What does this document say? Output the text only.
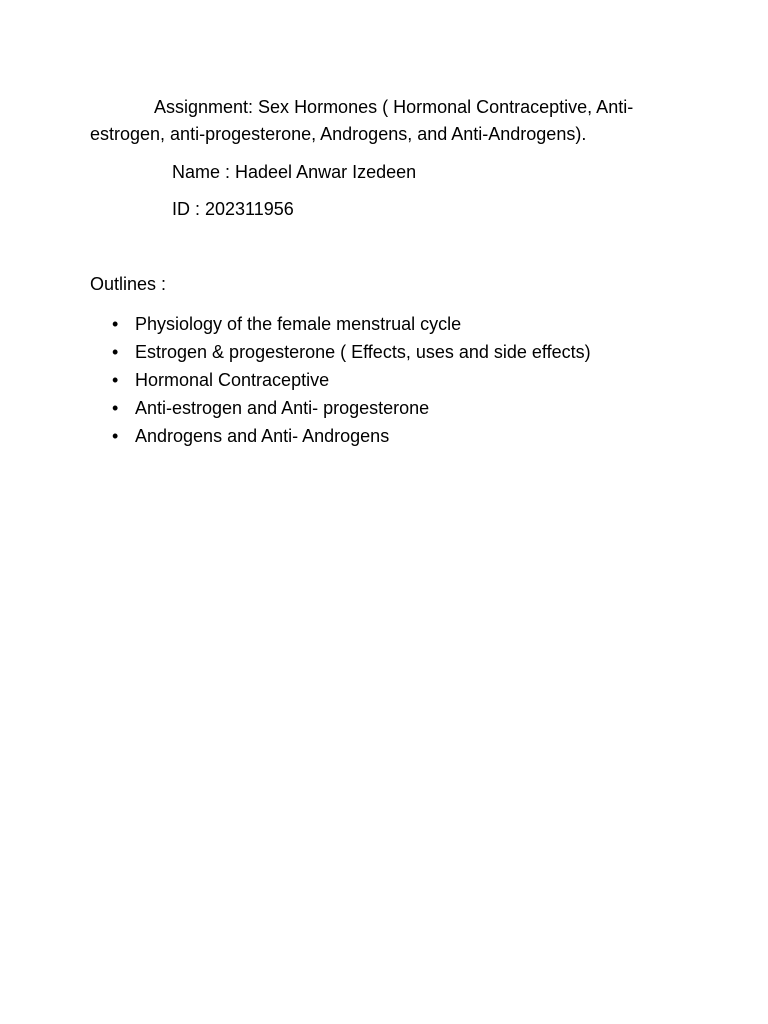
Assignment: Sex Hormones ( Hormonal Contraceptive, Anti-estrogen, anti-progesterone, Androgens, and Anti-Androgens).

Name : Hadeel Anwar Izedeen

ID : 202311956

Outlines :

• Physiology of the female menstrual cycle
• Estrogen & progesterone ( Effects, uses and side effects)
• Hormonal Contraceptive
• Anti-estrogen and Anti- progesterone
• Androgens and Anti- Androgens
